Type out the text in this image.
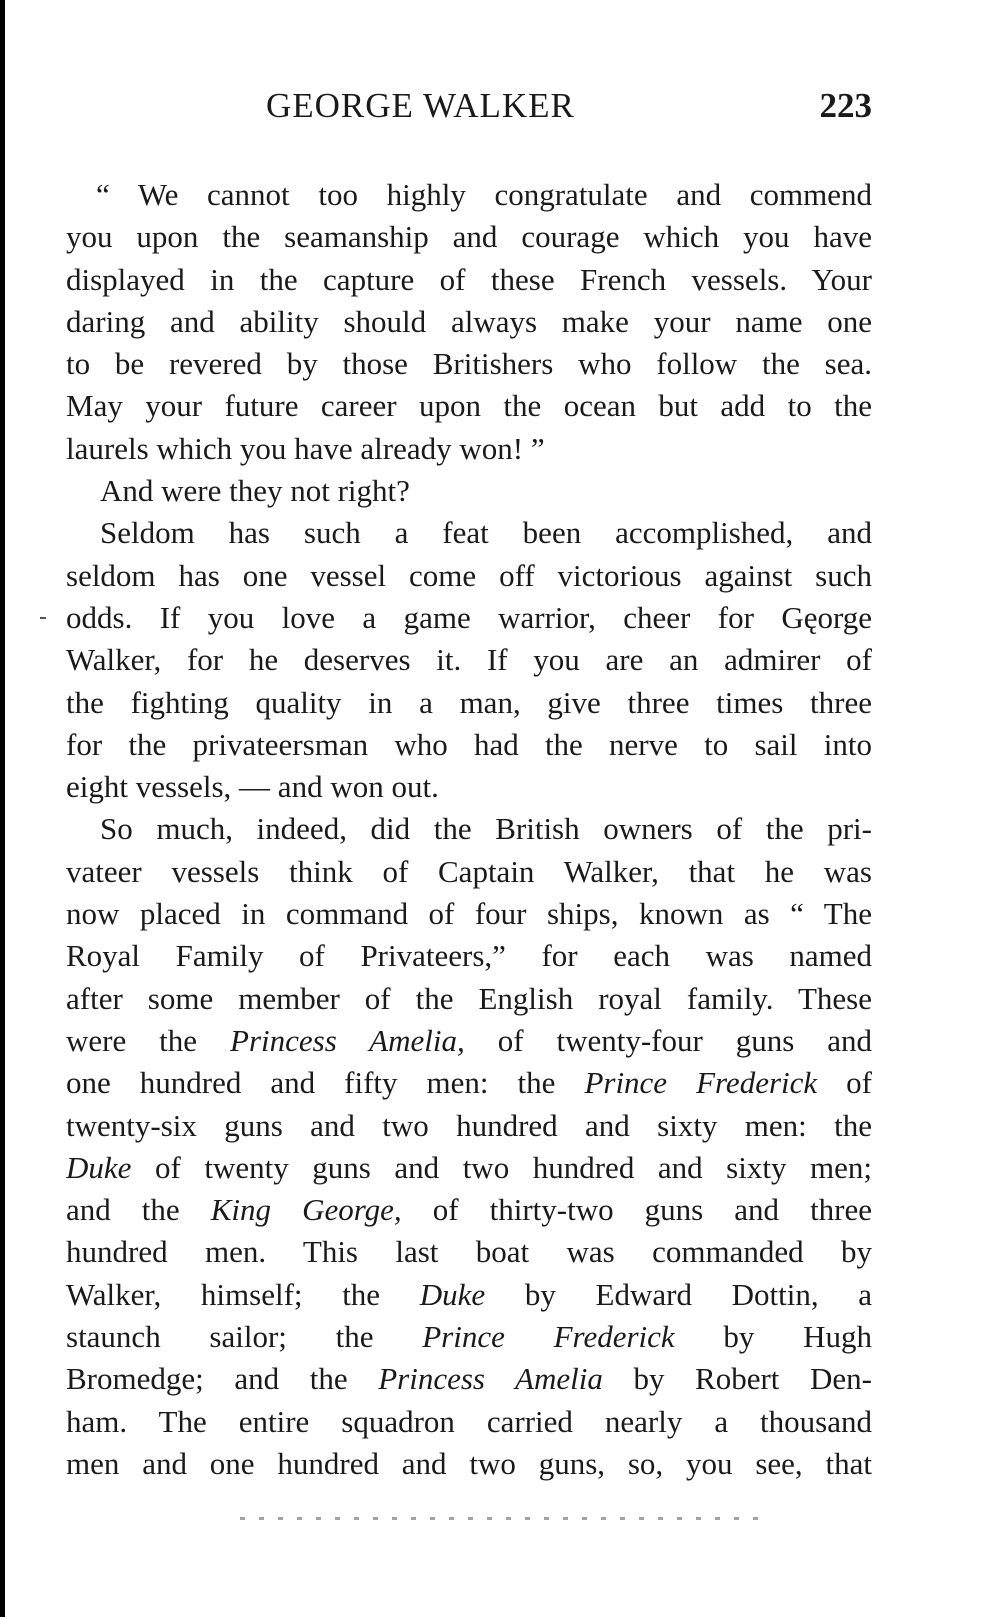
GEORGE WALKER	223
“ We cannot too highly congratulate and commend
you upon the seamanship and courage which you have
displayed in the capture of these French vessels. Your
daring and ability should always make your name one
to be revered by those Britishers who follow the sea.
May your future career upon the ocean but add to the
laurels which you have already won! ”
And were they not right?
Seldom has such a feat been accomplished, and
seldom has one vessel come off victorious against such
odds. If you love a game warrior, cheer for Gęorge
Walker, for he deserves it. If you are an admirer of
the fighting quality in a man, give three times three
for the privateersman who had the nerve to sail into
eight vessels, — and won out.
So much, indeed, did the British owners of the pri-
vateer vessels think of Captain Walker, that he was
now placed in command of four ships, known as “ The
Royal Family of Privateers,” for each was named
after some member of the English royal family. These
were the Princess Amelia, of twenty-four guns and
one hundred and fifty men: the Prince Frederick of
twenty-six guns and two hundred and sixty men: the
Duke of twenty guns and two hundred and sixty men;
and the King George, of thirty-two guns and three
hundred men. This last boat was commanded by
Walker, himself; the Duke by Edward Dottin, a
staunch sailor; the Prince Frederick by Hugh
Bromedge; and the Princess Amelia by Robert Den-
ham. The entire squadron carried nearly a thousand
men and one hundred and two guns, so, you see, that
